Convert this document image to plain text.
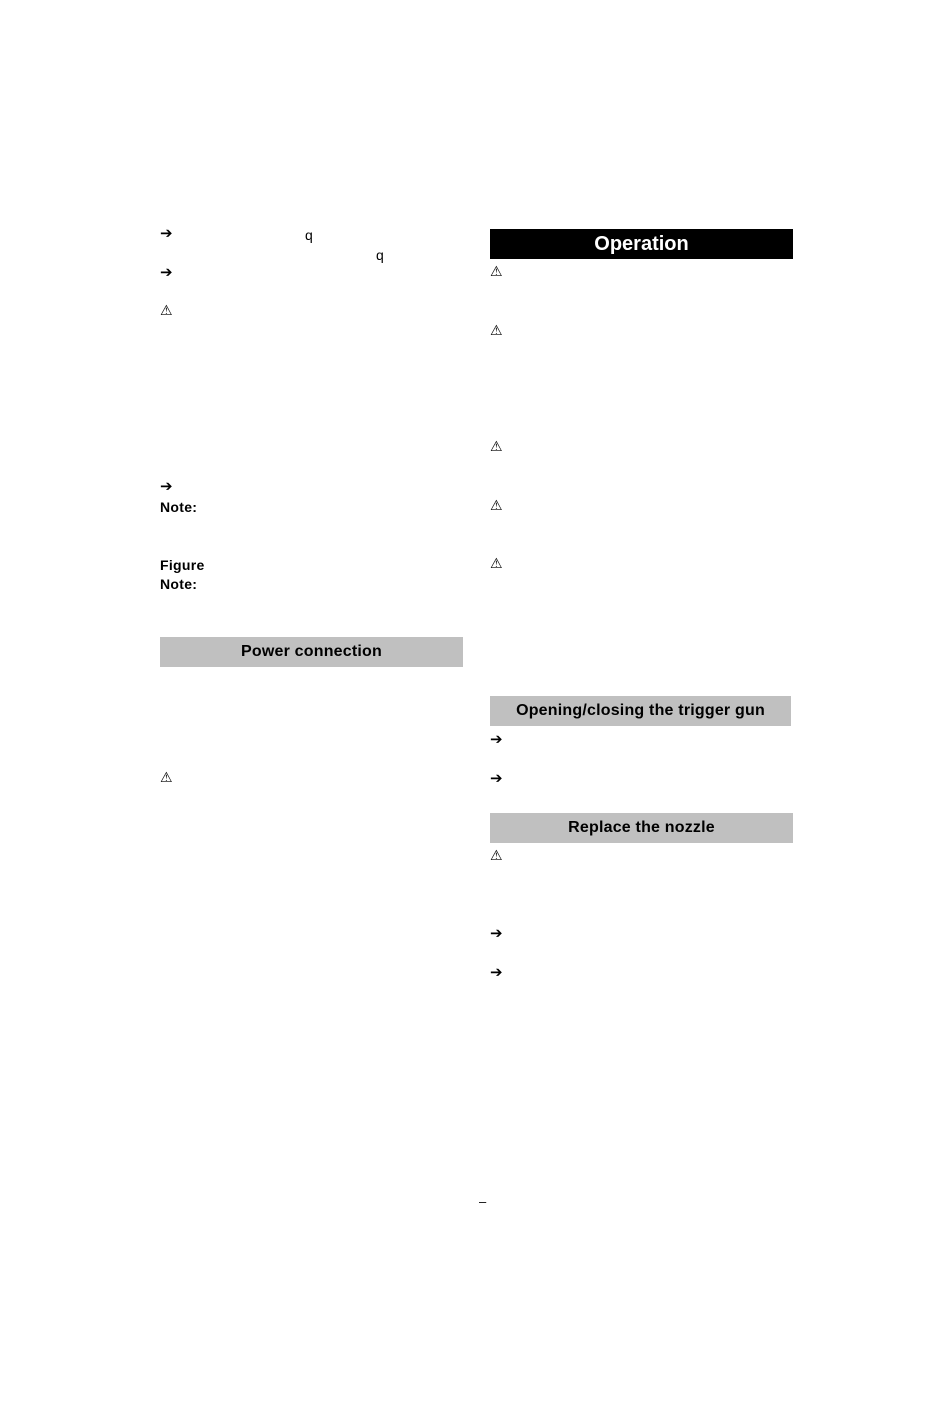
➔	q
q
➔
⚠
➔
Note:
Figure
Note:
Power connection
⚠
Operation
⚠
⚠
⚠
⚠
⚠
Opening/closing the trigger gun
➔
➔
Replace the nozzle
⚠
➔
➔
–
